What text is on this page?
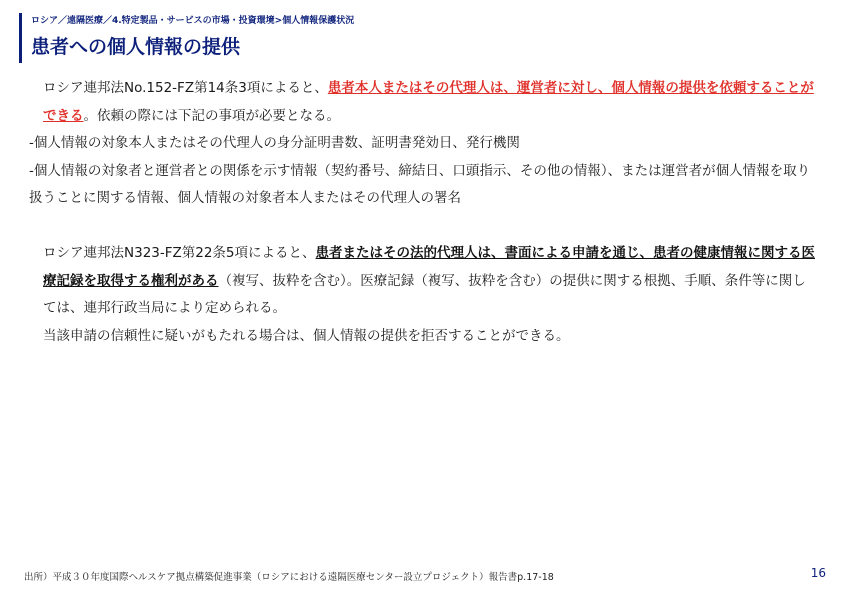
ロシア／遠隔医療／4.特定製品・サービスの市場・投資環境>個人情報保護状況
患者への個人情報の提供

ロシア連邦法No.152-FZ第14条3項によると、患者本人またはその代理人は、運営者に対し、個人情報の提供を依頼することができる。依頼の際には下記の事項が必要となる。

-個人情報の対象本人またはその代理人の身分証明書数、証明書発効日、発行機関

-個人情報の対象者と運営者との関係を示す情報（契約番号、締結日、口頭指示、その他の情報）、または運営者が個人情報を取り扱うことに関する情報、個人情報の対象者本人またはその代理人の署名

ロシア連邦法N323-FZ第22条5項によると、患者またはその法的代理人は、書面による申請を通じ、患者の健康情報に関する医療記録を取得する権利がある（複写、抜粋を含む）。医療記録（複写、抜粋を含む）の提供に関する根拠、手順、条件等に関しては、連邦行政当局により定められる。

当該申請の信頼性に疑いがもたれる場合は、個人情報の提供を拒否することができる。

出所）平成３０年度国際ヘルスケア拠点構築促進事業（ロシアにおける遠隔医療センター設立プロジェクト）報告書p.17-18	16
